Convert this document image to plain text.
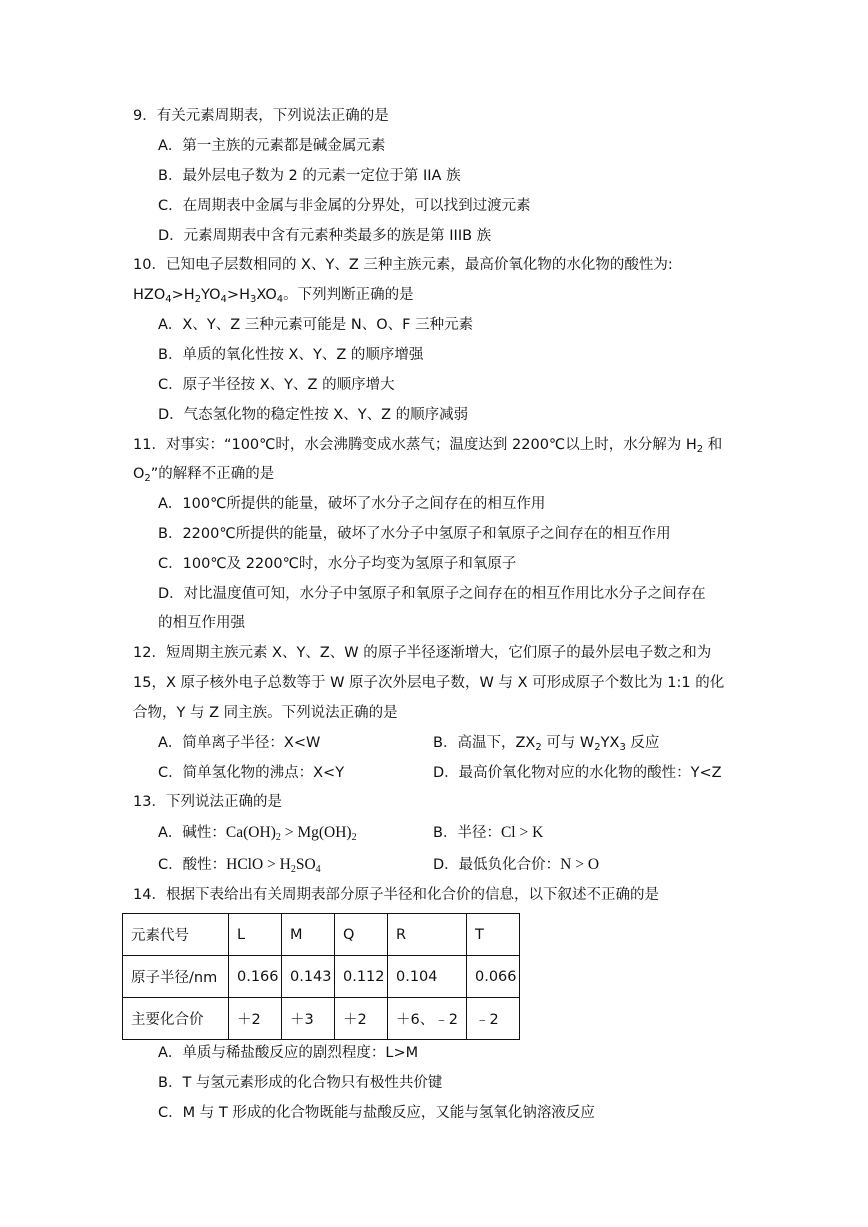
9．有关元素周期表，下列说法正确的是
A．第一主族的元素都是碱金属元素
B．最外层电子数为 2 的元素一定位于第 IIA 族
C．在周期表中金属与非金属的分界处，可以找到过渡元素
D．元素周期表中含有元素种类最多的族是第 IIIB 族
10．已知电子层数相同的 X、Y、Z 三种主族元素，最高价氧化物的水化物的酸性为:
$HZO_4>H_2YO_4>H_3XO_4$。下列判断正确的是
A．X、Y、Z 三种元素可能是 N、O、F 三种元素
B．单质的氧化性按 X、Y、Z 的顺序增强
C．原子半径按 X、Y、Z 的顺序增大
D．气态氢化物的稳定性按 X、Y、Z 的顺序减弱
11．对事实：“100℃时，水会沸腾变成水蒸气；温度达到 2200℃以上时，水分解为 $H_2$ 和
$O_2$”的解释不正确的是
A．100℃所提供的能量，破坏了水分子之间存在的相互作用
B．2200℃所提供的能量，破坏了水分子中氢原子和氧原子之间存在的相互作用
C．100℃及 2200℃时，水分子均变为氢原子和氧原子
D．对比温度值可知，水分子中氢原子和氧原子之间存在的相互作用比水分子之间存在
的相互作用强
12．短周期主族元素 X、Y、Z、W 的原子半径逐渐增大，它们原子的最外层电子数之和为
15，X 原子核外电子总数等于 W 原子次外层电子数，W 与 X 可形成原子个数比为 1:1 的化
合物，Y 与 Z 同主族。下列说法正确的是
A．简单离子半径：X<W	B．高温下，$ZX_2$ 可与 $W_2YX_3$ 反应
C．简单氢化物的沸点：X<Y	D．最高价氧化物对应的水化物的酸性：Y<Z
13．下列说法正确的是
A．碱性：$Ca(OH)_2 > Mg(OH)_2$	B．半径：Cl > K
C．酸性：HClO > $H_2SO_4$	D．最低负化合价：N > O
14．根据下表给出有关周期表部分原子半径和化合价的信息，以下叙述不正确的是
元素代号	L	M	Q	R	T
原子半径/nm	0.166	0.143	0.112	0.104	0.066
主要化合价	＋2	＋3	＋2	＋6、﹣2	﹣2
A．单质与稀盐酸反应的剧烈程度：L>M
B．T 与氢元素形成的化合物只有极性共价键
C．M 与 T 形成的化合物既能与盐酸反应，又能与氢氧化钠溶液反应
